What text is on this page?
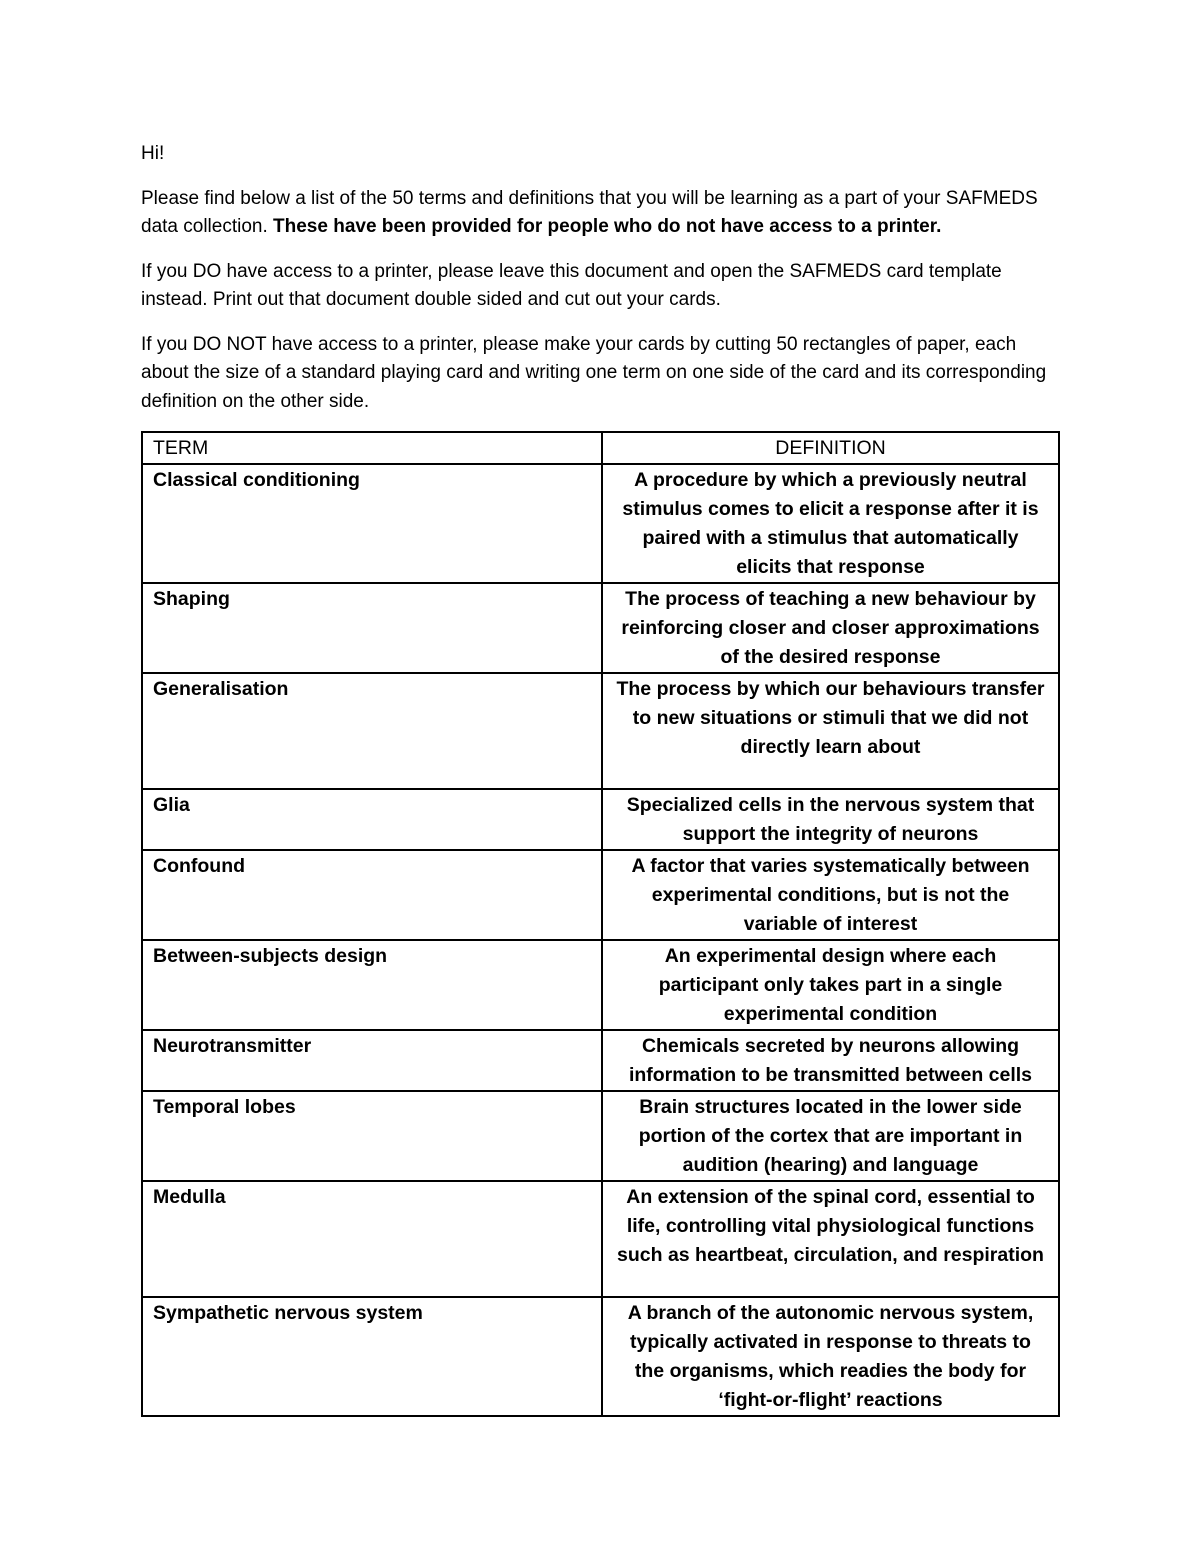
Hi!

Please find below a list of the 50 terms and definitions that you will be learning as a part of your SAFMEDS data collection. These have been provided for people who do not have access to a printer.

If you DO have access to a printer, please leave this document and open the SAFMEDS card template instead. Print out that document double sided and cut out your cards.

If you DO NOT have access to a printer, please make your cards by cutting 50 rectangles of paper, each about the size of a standard playing card and writing one term on one side of the card and its corresponding definition on the other side.

TERM	DEFINITION
Classical conditioning	A procedure by which a previously neutral stimulus comes to elicit a response after it is paired with a stimulus that automatically elicits that response
Shaping	The process of teaching a new behaviour by reinforcing closer and closer approximations of the desired response
Generalisation	The process by which our behaviours transfer to new situations or stimuli that we did not directly learn about
Glia	Specialized cells in the nervous system that support the integrity of neurons
Confound	A factor that varies systematically between experimental conditions, but is not the variable of interest
Between-subjects design	An experimental design where each participant only takes part in a single experimental condition
Neurotransmitter	Chemicals secreted by neurons allowing information to be transmitted between cells
Temporal lobes	Brain structures located in the lower side portion of the cortex that are important in audition (hearing) and language
Medulla	An extension of the spinal cord, essential to life, controlling vital physiological functions such as heartbeat, circulation, and respiration
Sympathetic nervous system	A branch of the autonomic nervous system, typically activated in response to threats to the organisms, which readies the body for ‘fight-or-flight’ reactions
